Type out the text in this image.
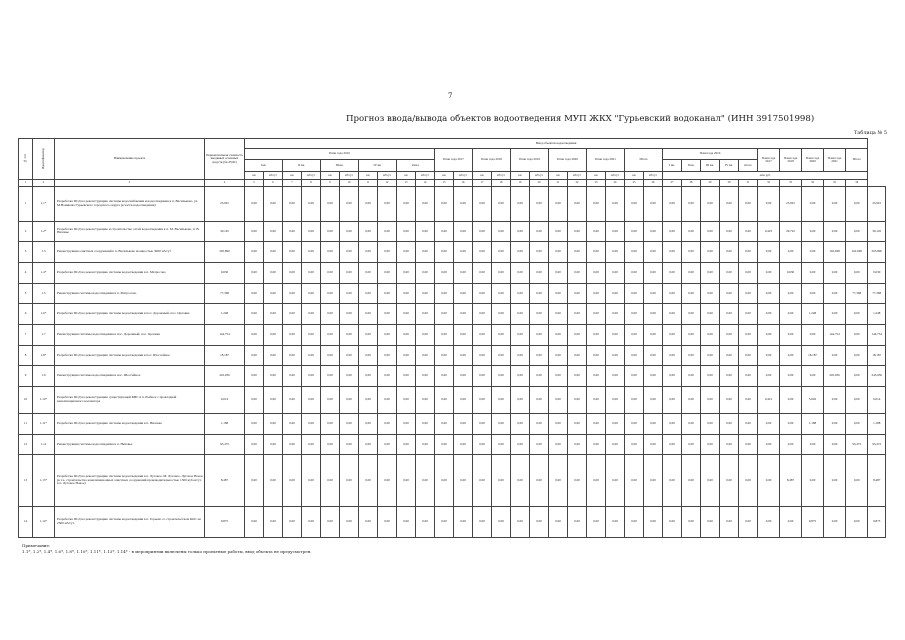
7
Прогноз ввода/вывода объектов водоотведения МУП ЖКХ "Гурьевский водоканал" (ИНН 3917501998)
Таблица № 5
№ п/п	Идентификатор	Наименование проекта	Первоначальная стоимость вводимых основных средств (без НДС)	Ввод объектов водоотведения																																
				План года 2016										План года 2017		План года 2018		План года 2019		План года 2020		План года 2021		Итого		План года 2016					План года 2017	План года 2018	План года 2020	План года 2021	Итого	
				I кв.		II кв.		III кв.		IV кв.		итого														I кв.	II кв.	III кв.	IV кв.	итого						
				км	м3/сут	км	м3/сут	км	м3/сут	км	м3/сут	км	м3/сут	км	м3/сут	км	м3/сут	км	м3/сут	км	м3/сут	км	м3/сут	км	м3/сут	млн. руб.										
1	2	3	4	5	6	7	8	9	10	11	12	13	14	15	16	17	18	19	20	21	22	23	24	25	26	27	28	29	30	31	32	33	34	35	36	
1	1.1*	Разработка ПСД на реконструкцию системы водоснабжения и водоотведения в п. Васильково, ул. М.Новикова Гурьевского городского округа (в части водоотведения)	23,901	0,00	0,00	0,00	0,00	0,00	0,00	0,00	0,00	0,00	0,00	0,00	0,00	0,00	0,00	0,00	0,00	0,00	0,00	0,00	0,00	0,00	0,00	0,00	0,00	0,00	0,00	0,00	0,00	23,901	0,00	0,00	0,00	23,901
2	1.2*	Разработка ПСД на реконструкцию и строительство сетей водоотведения в п. М. Васильково, п. В. Низовье	30,145	0,00	0,00	0,00	0,00	0,00	0,00	0,00	0,00	0,00	0,00	0,00	0,00	0,00	0,00	0,00	0,00	0,00	0,00	0,00	0,00	0,00	0,00	0,00	0,00	0,00	0,00	0,00	0,423	29,722	0,00	0,00	0,00	30,145
3	1.3	Реконструкция очистных сооружений в п. Васильково мощностью 3000 м3/сут	205,896	0,00	0,00	0,00	0,00	0,00	0,00	0,00	0,00	0,00	0,00	0,00	0,00	0,00	0,00	0,00	0,00	0,00	0,00	0,00	0,00	0,00	0,00	0,00	0,00	0,00	0,00	0,00	0,00	0,00	0,00	102,948	102,948	205,896
4	1.4*	Разработка ПСД на реконструкцию системы водоотведения в п. Матросово	0,630	0,00	0,00	0,00	0,00	0,00	0,00	0,00	0,00	0,00	0,00	0,00	0,00	0,00	0,00	0,00	0,00	0,00	0,00	0,00	0,00	0,00	0,00	0,00	0,00	0,00	0,00	0,00	0,00	0,630	0,00	0,00	0,00	0,630
5	1.5	Реконструкция системы водоотведения в п. Матросово	77,368	0,00	0,00	0,00	0,00	0,00	0,00	0,00	0,00	0,00	0,00	0,00	0,00	0,00	0,00	0,00	0,00	0,00	0,00	0,00	0,00	0,00	0,00	0,00	0,00	0,00	0,00	0,00	0,00	0,00	0,00	0,00	77,368	77,368
6	1.6*	Разработка ПСД на реконструкцию системы водоотведения в пос. Дорожный, пос. Орловка	1,248	0,00	0,00	0,00	0,00	0,00	0,00	0,00	0,00	0,00	0,00	0,00	0,00	0,00	0,00	0,00	0,00	0,00	0,00	0,00	0,00	0,00	0,00	0,00	0,00	0,00	0,00	0,00	0,00	0,00	1,248	0,00	0,00	1,248
7	1.7	Реконструкция системы водоотведения в пос. Дорожный, пос. Орловка	144,754	0,00	0,00	0,00	0,00	0,00	0,00	0,00	0,00	0,00	0,00	0,00	0,00	0,00	0,00	0,00	0,00	0,00	0,00	0,00	0,00	0,00	0,00	0,00	0,00	0,00	0,00	0,00	0,00	0,00	0,00	144,754	0,00	144,754
8	1.8*	Разработка ПСД на реконструкцию системы водоотведения в пос. Шоссейное	18,187	0,00	0,00	0,00	0,00	0,00	0,00	0,00	0,00	0,00	0,00	0,00	0,00	0,00	0,00	0,00	0,00	0,00	0,00	0,00	0,00	0,00	0,00	0,00	0,00	0,00	0,00	0,00	0,00	0,00	18,187	0,00	0,00	18,187
9	1.9	Реконструкция системы водоотведения в пос. Шоссейное	245,936	0,00	0,00	0,00	0,00	0,00	0,00	0,00	0,00	0,00	0,00	0,00	0,00	0,00	0,00	0,00	0,00	0,00	0,00	0,00	0,00	0,00	0,00	0,00	0,00	0,00	0,00	0,00	0,00	0,00	0,00	245,936	0,00	245,936
10	1.10*	Разработка ПСД на реконструкцию существующей КНС в п. Рыбное с прокладкой канализационного коллектора	6,014	0,00	0,00	0,00	0,00	0,00	0,00	0,00	0,00	0,00	0,00	0,00	0,00	0,00	0,00	0,00	0,00	0,00	0,00	0,00	0,00	0,00	0,00	0,00	0,00	0,00	0,00	0,00	0,412	0,00	5,602	0,00	0,00	6,014
11	1.11*	Разработка ПСД на реконструкцию системы водоотведения в п. Низовье	1,188	0,00	0,00	0,00	0,00	0,00	0,00	0,00	0,00	0,00	0,00	0,00	0,00	0,00	0,00	0,00	0,00	0,00	0,00	0,00	0,00	0,00	0,00	0,00	0,00	0,00	0,00	0,00	0,00	0,00	1,188	0,00	0,00	1,188
12	1.12	Реконструкция системы водоотведения в п. Низовье	93,472	0,00	0,00	0,00	0,00	0,00	0,00	0,00	0,00	0,00	0,00	0,00	0,00	0,00	0,00	0,00	0,00	0,00	0,00	0,00	0,00	0,00	0,00	0,00	0,00	0,00	0,00	0,00	0,00	0,00	0,00	0,00	93,472	93,472
13	1.13*	Разработка ПСД на реконструкцию системы водоотведения в п. Луговое, М. Луговое, Луговое Новое (в т.ч. строительство канализационных очистных сооружений производительностью 1500 куб.м/сут. в п. Луговое Новое)	8,487	0,00	0,00	0,00	0,00	0,00	0,00	0,00	0,00	0,00	0,00	0,00	0,00	0,00	0,00	0,00	0,00	0,00	0,00	0,00	0,00	0,00	0,00	0,00	0,00	0,00	0,00	0,00	0,00	8,487	0,00	0,00	0,00	8,487
14	1.14*	Разработка ПСД на реконструкцию системы водоотведения в п. Горьево со строительством КОС на 2500 м3/сут.	9,875	0,00	0,00	0,00	0,00	0,00	0,00	0,00	0,00	0,00	0,00	0,00	0,00	0,00	0,00	0,00	0,00	0,00	0,00	0,00	0,00	0,00	0,00	0,00	0,00	0,00	0,00	0,00	0,00	0,00	9,875	0,00	0,00	9,875
Примечание:
1.1*, 1.2*, 1.4*, 1.6*, 1.8*, 1.10*, 1.11*, 1.13*, 1.14* - в мероприятии включены только проектные работы, ввод объекта не предусмотрен.
